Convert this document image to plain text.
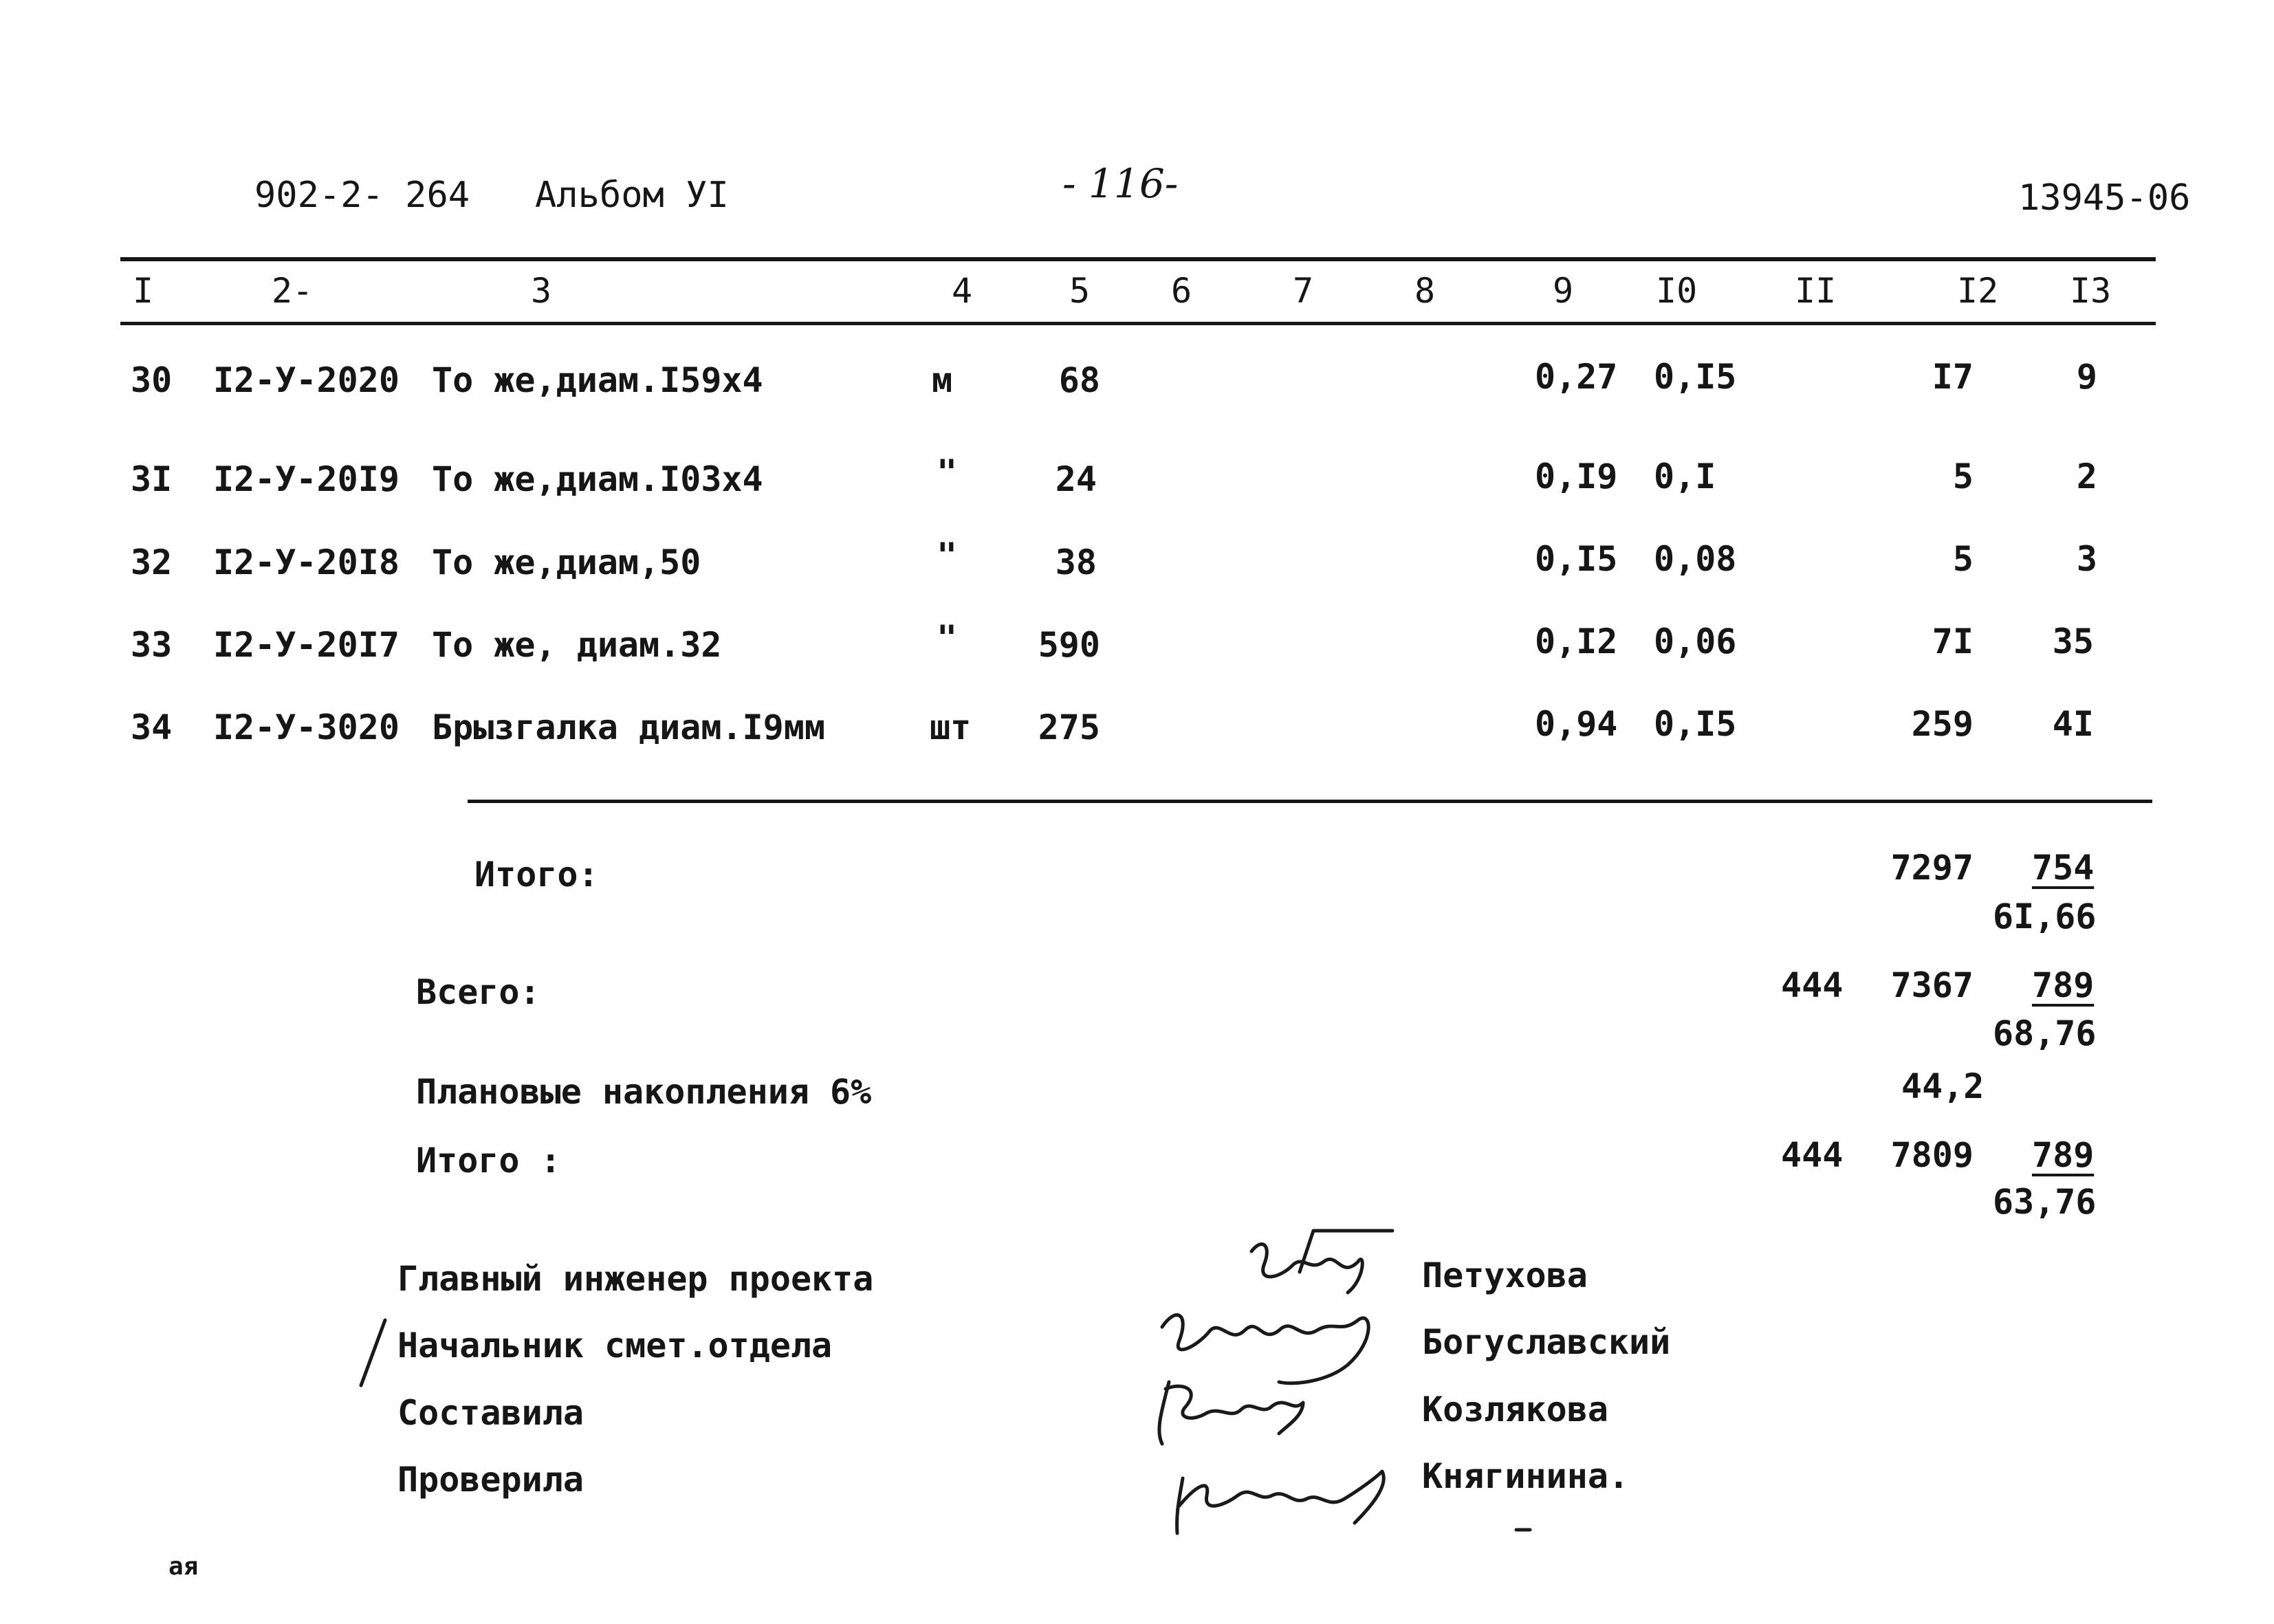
902-2- 264 Альбом УI	- 116-	13945-06
I	2-	3	4	5 6	7	8	9 I0	II	I2 I3
30 I2-У-2020 То же,диам.I59х4	м	68	0,27 0,I5	I7	9
3I I2-У-20I9 То же,диам.I03х4	"	24	0,I9 0,I	5	2
32 I2-У-20I8 То же,диам,50	"	38	0,I5 0,08	5	3
33 I2-У-20I7 То же, диам.32	"	590	0,I2 0,06	7I	35
34 I2-У-3020 Брызгалка диам.I9мм	шт	275	0,94 0,I5	259	4I
Итого:	7297 754
6I,66
Всего:	444	7367 789
68,76
Плановые накопления 6%	44,2
Итого :	444	7809 789
63,76
Главный инженер проекта
Начальник смет.отдела
Составила
Проверила
Петухова
Богуславский
Козлякова
Княгинина.
ая
